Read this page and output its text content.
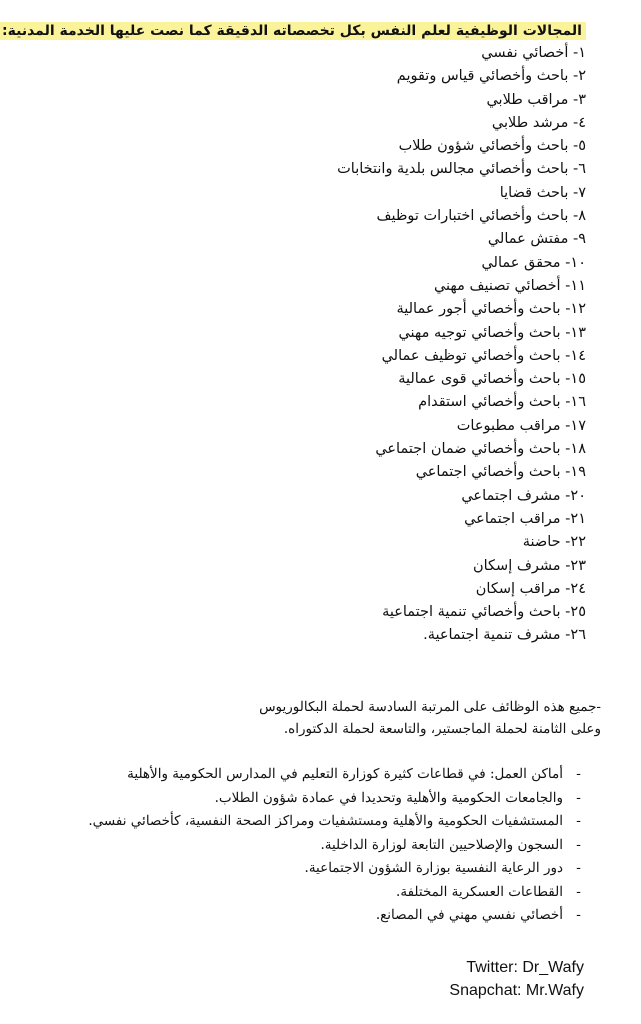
المجالات الوظيفية لعلم النفس بكل تخصصاته الدقيقة كما نصت عليها الخدمة المدنية:
١- أخصائي نفسي
٢- باحث وأخصائي قياس وتقويم
٣- مراقب طلابي
٤- مرشد طلابي
٥- باحث وأخصائي شؤون طلاب
٦- باحث وأخصائي مجالس بلدية وانتخابات
٧- باحث قضايا
٨- باحث وأخصائي اختبارات توظيف
٩- مفتش عمالي
١٠- محقق عمالي
١١- أخصائي تصنيف مهني
١٢- باحث وأخصائي أجور عمالية
١٣- باحث وأخصائي توجيه مهني
١٤- باحث وأخصائي توظيف عمالي
١٥- باحث وأخصائي قوى عمالية
١٦- باحث وأخصائي استقدام
١٧- مراقب مطبوعات
١٨- باحث وأخصائي ضمان اجتماعي
١٩- باحث وأخصائي اجتماعي
٢٠- مشرف اجتماعي
٢١- مراقب اجتماعي
٢٢- حاضنة
٢٣- مشرف إسكان
٢٤- مراقب إسكان
٢٥- باحث وأخصائي تنمية اجتماعية
٢٦- مشرف تنمية اجتماعية.
-جميع هذه الوظائف على المرتبة السادسة لحملة البكالوريوس
وعلى الثامنة لحملة الماجستير، والتاسعة لحملة الدكتوراه.
-
أماكن العمل: في قطاعات كثيرة كوزارة التعليم في المدارس الحكومية والأهلية
-
والجامعات الحكومية والأهلية وتحديدا في عمادة شؤون الطلاب.
-
المستشفيات الحكومية والأهلية ومستشفيات ومراكز الصحة النفسية، كأخصائي نفسي.
-
السجون والإصلاحيين التابعة لوزارة الداخلية.
-
دور الرعاية النفسية بوزارة الشؤون الاجتماعية.
-
القطاعات العسكرية المختلفة.
-
أخصائي نفسي مهني في المصانع.
Twitter: Dr_Wafy
Snapchat: Mr.Wafy
